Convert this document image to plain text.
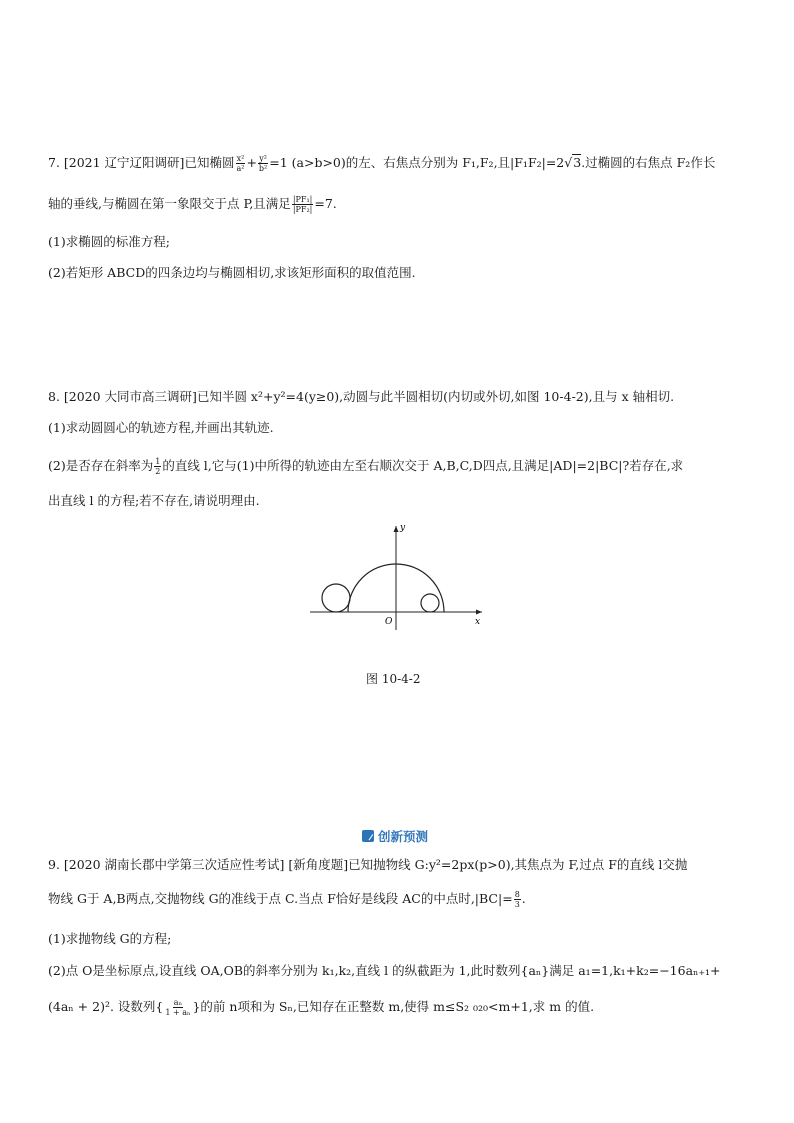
7. [2021 辽宁辽阳调研]已知椭圆 $\frac{\text{x²}}{\text{a²}} + \frac{\text{y²}}{\text{b²}} =1$ (a>b>0)的左、右焦点分别为 F₁,F₂,且|F₁F₂|=2√3.过椭圆的右焦点 F₂作长
轴的垂线,与椭圆在第一象限交于点 P,且满足 $\frac{\text{|PF₁|}}{\text{|PF₂|}} =7$.
(1)求椭圆的标准方程;
(2)若矩形 ABCD的四条边均与椭圆相切,求该矩形面积的取值范围.
8. [2020 大同市高三调研]已知半圆 x²+y²=4(y≥0),动圆与此半圆相切(内切或外切,如图 10-4-2),且与 x 轴相切.
(1)求动圆圆心的轨迹方程,并画出其轨迹.
(2)是否存在斜率为 $\frac{1}{2}$ 的直线 l,它与(1)中所得的轨迹由左至右顺次交于 A,B,C,D四点,且满足|AD|=2|BC|?若存在,求
出直线 l 的方程;若不存在,请说明理由.
y
x
O
图 10-4-2
创新预测
9. [2020 湖南长郡中学第三次适应性考试] [新角度题]已知抛物线 G:y²=2px(p>0),其焦点为 F,过点 F的直线 l交抛
物线 G于 A,B两点,交抛物线 G的准线于点 C.当点 F恰好是线段 AC的中点时$,|BC|= \frac{8}{3}$ .
(1)求抛物线 G的方程;
(2)点 O是坐标原点,设直线 OA,OB的斜率分别为 k₁,k₂,直线 l 的纵截距为 1,此时数列{aₙ}满足 a₁=1,k₁+k₂=−16aₙ₊₁+
(4aₙ + 2)². 设数列{ $\frac{\text{aₙ}}{\text{1 + aₙ}}$ }的前 n项和为 Sₙ,已知存在正整数 m,使得 m≤S₂ ₀₂₀<m+1,求 m 的值.
